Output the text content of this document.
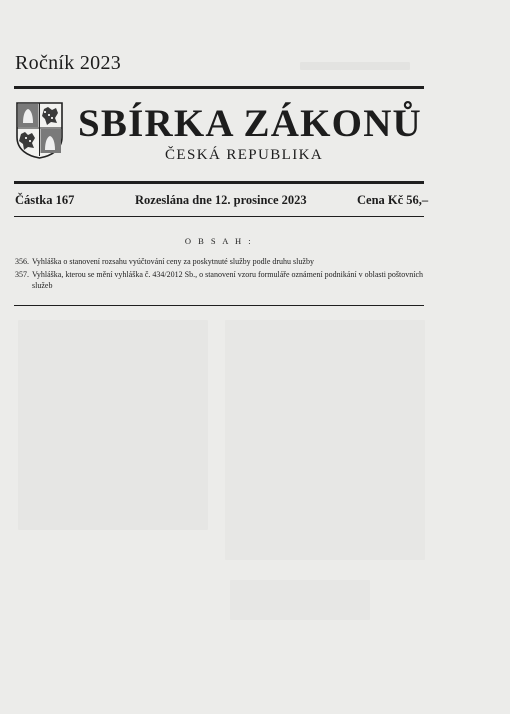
Ročník 2023
SBÍRKA ZÁKONŮ
ČESKÁ REPUBLIKA
Částka 167	Rozeslána dne 12. prosince 2023	Cena Kč 56,–
O B S A H :
356. Vyhláška o stanovení rozsahu vyúčtování ceny za poskytnuté služby podle druhu služby
357. Vyhláška, kterou se mění vyhláška č. 434/2012 Sb., o stanovení vzoru formuláře oznámení podnikání v oblasti poštovních služeb
